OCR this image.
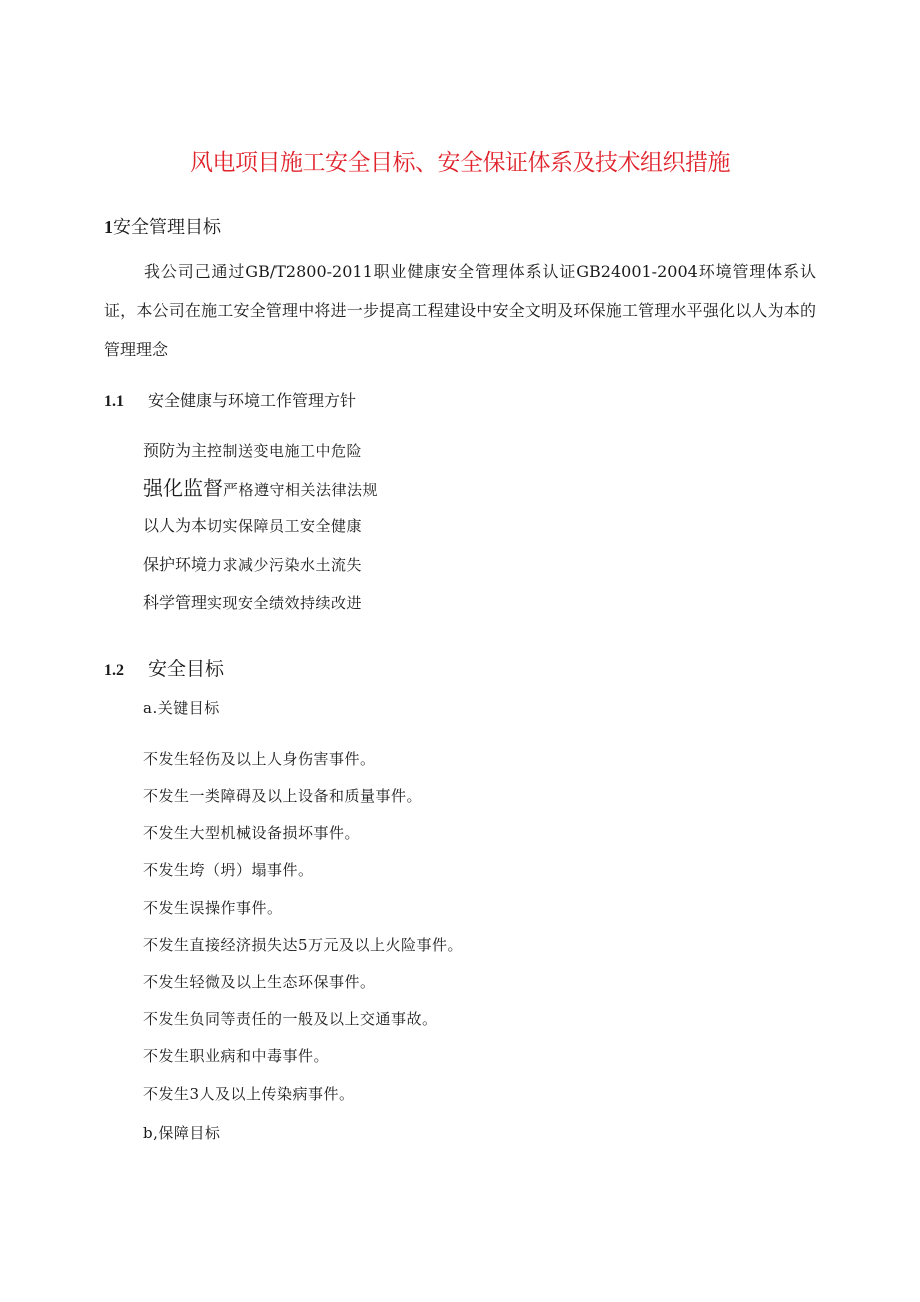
风电项目施工安全目标、安全保证体系及技术组织措施
1安全管理目标
我公司己通过GB/T2800-2011职业健康安全管理体系认证GB24001-2004环境管理体系认证，本公司在施工安全管理中将进一步提高工程建设中安全文明及环保施工管理水平强化以人为本的管理理念
1.1 安全健康与环境工作管理方针
预防为主控制送变电施工中危险
强化监督严格遵守相关法律法规
以人为本切实保障员工安全健康
保护环境力求减少污染水土流失
科学管理实现安全绩效持续改进
1.2 安全目标
a.关键目标
不发生轻伤及以上人身伤害事件。
不发生一类障碍及以上设备和质量事件。
不发生大型机械设备损坏事件。
不发生垮（坍）塌事件。
不发生误操作事件。
不发生直接经济损失达5万元及以上火险事件。
不发生轻微及以上生态环保事件。
不发生负同等责任的一般及以上交通事故。
不发生职业病和中毒事件。
不发生3人及以上传染病事件。
b,保障目标
